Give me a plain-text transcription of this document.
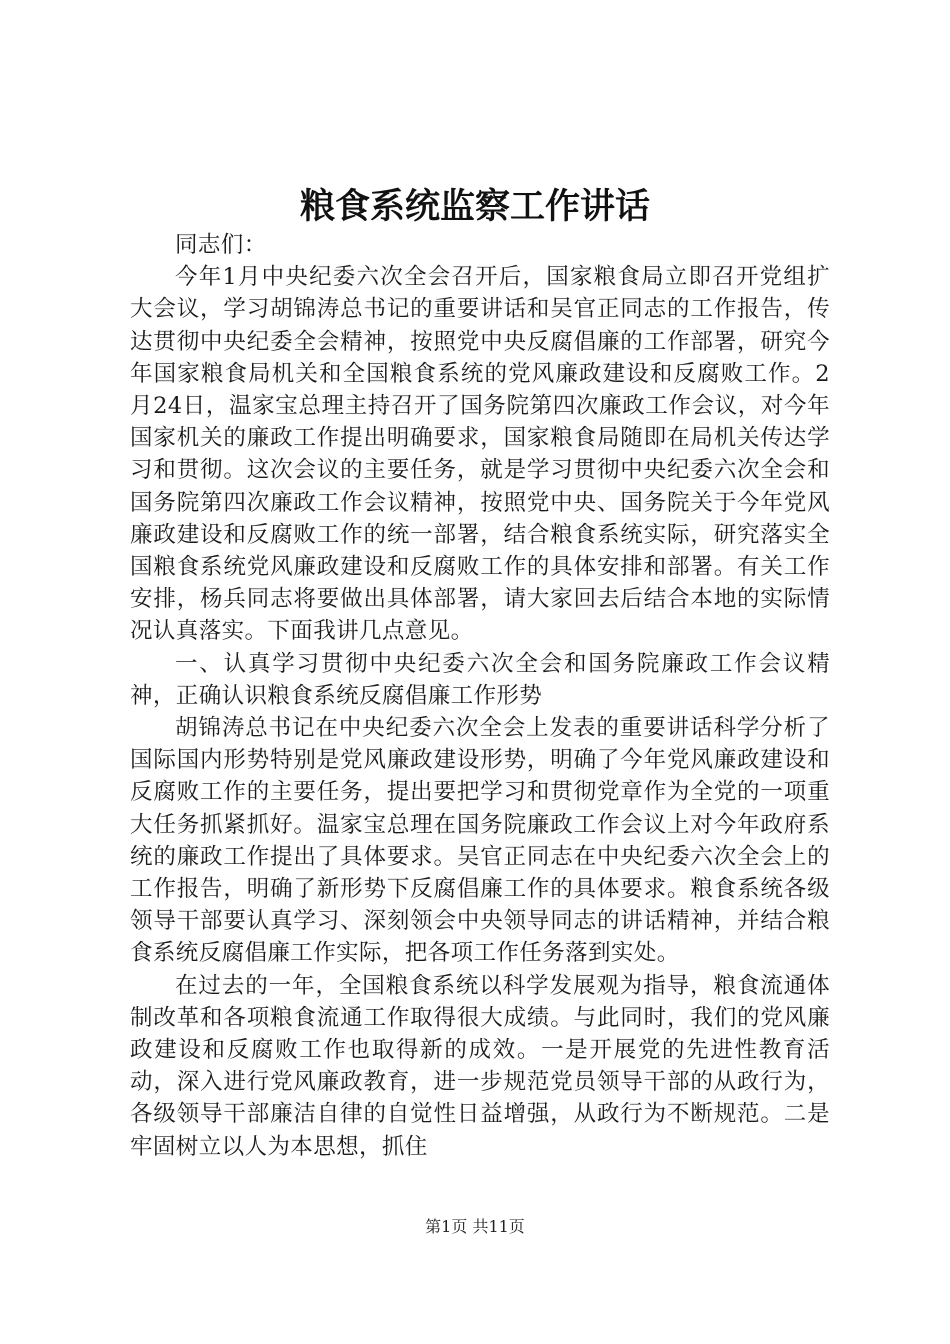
粮食系统监察工作讲话

同志们：

今年1月中央纪委六次全会召开后，国家粮食局立即召开党组扩大会议，学习胡锦涛总书记的重要讲话和吴官正同志的工作报告，传达贯彻中央纪委全会精神，按照党中央反腐倡廉的工作部署，研究今年国家粮食局机关和全国粮食系统的党风廉政建设和反腐败工作。2月24日，温家宝总理主持召开了国务院第四次廉政工作会议，对今年国家机关的廉政工作提出明确要求，国家粮食局随即在局机关传达学习和贯彻。这次会议的主要任务，就是学习贯彻中央纪委六次全会和国务院第四次廉政工作会议精神，按照党中央、国务院关于今年党风廉政建设和反腐败工作的统一部署，结合粮食系统实际，研究落实全国粮食系统党风廉政建设和反腐败工作的具体安排和部署。有关工作安排，杨兵同志将要做出具体部署，请大家回去后结合本地的实际情况认真落实。下面我讲几点意见。

一、认真学习贯彻中央纪委六次全会和国务院廉政工作会议精神，正确认识粮食系统反腐倡廉工作形势

胡锦涛总书记在中央纪委六次全会上发表的重要讲话科学分析了国际国内形势特别是党风廉政建设形势，明确了今年党风廉政建设和反腐败工作的主要任务，提出要把学习和贯彻党章作为全党的一项重大任务抓紧抓好。温家宝总理在国务院廉政工作会议上对今年政府系统的廉政工作提出了具体要求。吴官正同志在中央纪委六次全会上的工作报告，明确了新形势下反腐倡廉工作的具体要求。粮食系统各级领导干部要认真学习、深刻领会中央领导同志的讲话精神，并结合粮食系统反腐倡廉工作实际，把各项工作任务落到实处。

在过去的一年，全国粮食系统以科学发展观为指导，粮食流通体制改革和各项粮食流通工作取得很大成绩。与此同时，我们的党风廉政建设和反腐败工作也取得新的成效。一是开展党的先进性教育活动，深入进行党风廉政教育，进一步规范党员领导干部的从政行为，各级领导干部廉洁自律的自觉性日益增强，从政行为不断规范。二是牢固树立以人为本思想，抓住

第1页 共11页
